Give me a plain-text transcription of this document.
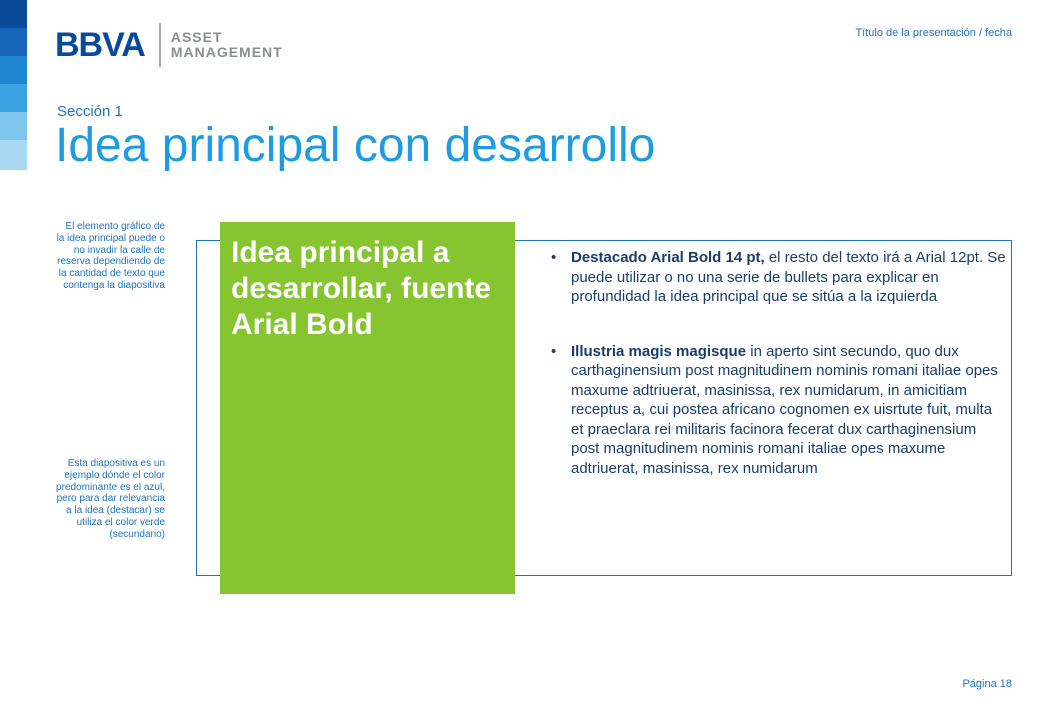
BBVA ASSET
MANAGEMENT
Título de la presentación / fecha
Sección 1
Idea principal con desarrollo
El elemento gráfico de la idea principal puede o no invadir la calle de reserva dependiendo de la cantidad de texto que contenga la diapositiva
Esta diapositiva es un ejemplo dónde el color predominante es el azul, pero para dar relevancia a la idea (destacar) se utiliza el color verde (secundario)
Idea principal a desarrollar, fuente Arial Bold
• Destacado Arial Bold 14 pt, el resto del texto irá a Arial 12pt. Se puede utilizar o no una serie de bullets para explicar en profundidad la idea principal que se sitúa a la izquierda
• Illustria magis magisque in aperto sint secundo, quo dux carthaginensium post magnitudinem nominis romani italiae opes maxume adtriuerat, masinissa, rex numidarum, in amicitiam receptus a, cui postea africano cognomen ex uisrtute fuit, multa et praeclara rei militaris facinora fecerat dux carthaginensium post magnitudinem nominis romani italiae opes maxume adtriuerat, masinissa, rex numidarum
Página 18
